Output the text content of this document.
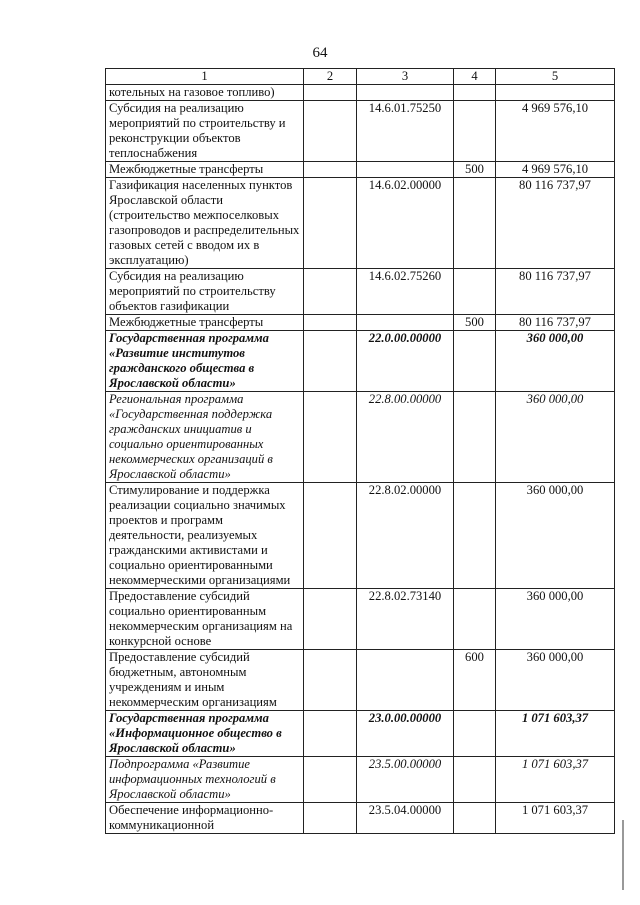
64
1	2	3	4	5
котельных на газовое топливо)				
Субсидия на реализацию мероприятий по строительству и реконструкции объектов теплоснабжения		14.6.01.75250		4 969 576,10
Межбюджетные трансферты			500	4 969 576,10
Газификация населенных пунктов Ярославской области (строительство межпоселковых газопроводов и распределительных газовых сетей с вводом их в эксплуатацию)		14.6.02.00000		80 116 737,97
Субсидия на реализацию мероприятий по строительству объектов газификации		14.6.02.75260		80 116 737,97
Межбюджетные трансферты			500	80 116 737,97
Государственная программа «Развитие институтов гражданского общества в Ярославской области»		22.0.00.00000		360 000,00
Региональная программа «Государственная поддержка гражданских инициатив и социально ориентированных некоммерческих организаций в Ярославской области»		22.8.00.00000		360 000,00
Стимулирование и поддержка реализации социально значимых проектов и программ деятельности, реализуемых гражданскими активистами и социально ориентированными некоммерческими организациями		22.8.02.00000		360 000,00
Предоставление субсидий социально ориентированным некоммерческим организациям на конкурсной основе		22.8.02.73140		360 000,00
Предоставление субсидий бюджетным, автономным учреждениям и иным некоммерческим организациям			600	360 000,00
Государственная программа «Информационное общество в Ярославской области»		23.0.00.00000		1 071 603,37
Подпрограмма «Развитие информационных технологий в Ярославской области»		23.5.00.00000		1 071 603,37
Обеспечение информационно-коммуникационной		23.5.04.00000		1 071 603,37
